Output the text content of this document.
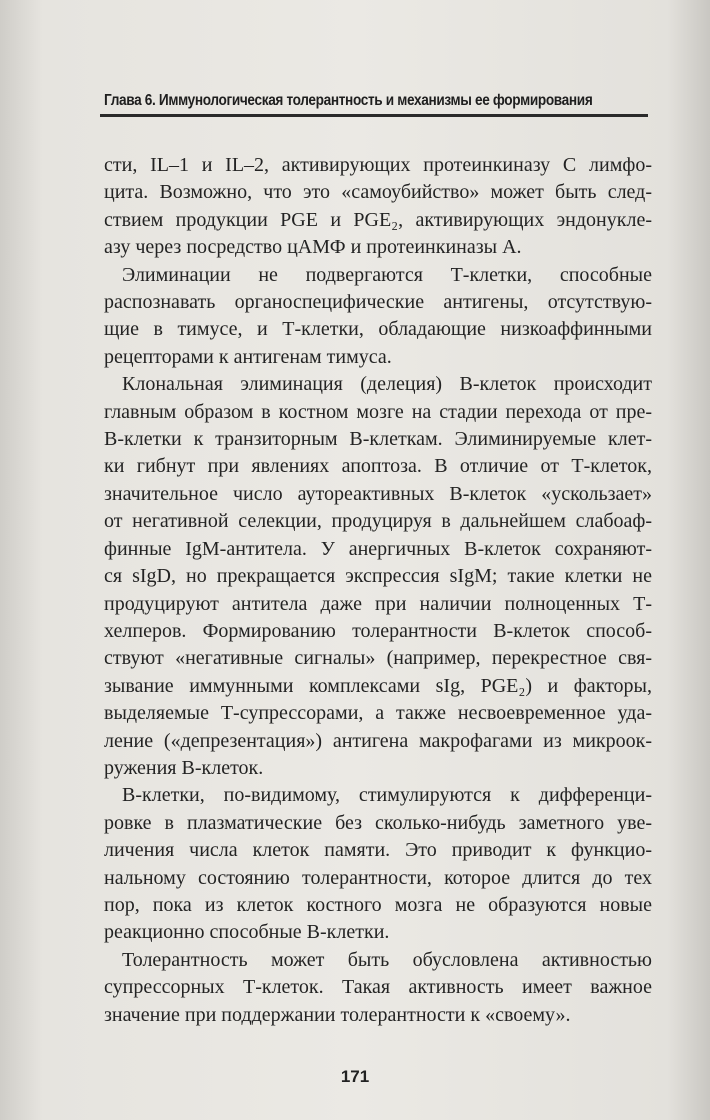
Глава 6. Иммунологическая толерантность и механизмы ее формирования
сти, IL–1 и IL–2, активирующих протеинкиназу C лимфо-
цита. Возможно, что это «самоубийство» может быть след-
ствием продукции PGE и PGE₂, активирующих эндонукле-
азу через посредство цАМФ и протеинкиназы А.
Элиминации не подвергаются Т-клетки, способные
распознавать органоспецифические антигены, отсутствую-
щие в тимусе, и Т-клетки, обладающие низкоаффинными
рецепторами к антигенам тимуса.
Клональная элиминация (делеция) В-клеток происходит
главным образом в костном мозге на стадии перехода от пре-
В-клетки к транзиторным В-клеткам. Элиминируемые клет-
ки гибнут при явлениях апоптоза. В отличие от Т-клеток,
значительное число аутореактивных В-клеток «ускользает»
от негативной селекции, продуцируя в дальнейшем слабоаф-
финные IgM-антитела. У анергичных В-клеток сохраняют-
ся sIgD, но прекращается экспрессия sIgM; такие клетки не
продуцируют антитела даже при наличии полноценных Т-
хелперов. Формированию толерантности В-клеток способ-
ствуют «негативные сигналы» (например, перекрестное свя-
зывание иммунными комплексами sIg, PGE₂) и факторы,
выделяемые Т-супрессорами, а также несвоевременное уда-
ление («депрезентация») антигена макрофагами из микроок-
ружения В-клеток.
В-клетки, по-видимому, стимулируются к дифференци-
ровке в плазматические без сколько-нибудь заметного уве-
личения числа клеток памяти. Это приводит к функцио-
нальному состоянию толерантности, которое длится до тех
пор, пока из клеток костного мозга не образуются новые
реакционно способные В-клетки.
Толерантность может быть обусловлена активностью
супрессорных Т-клеток. Такая активность имеет важное
значение при поддержании толерантности к «своему».
171
